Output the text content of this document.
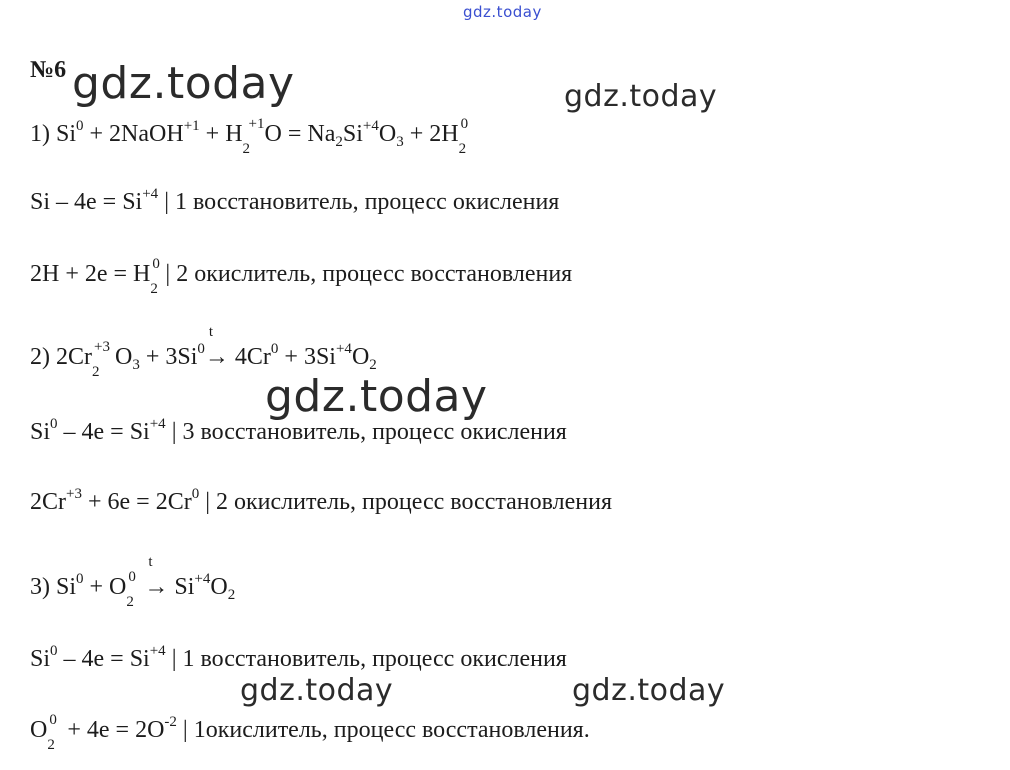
gdz.today
gdz.today	gdz.today
gdz.today
gdz.today	gdz.today
№6
1) $Si^0$ + 2NaOH$^{+1}$ + H
2
+1 $O = Na_2Si^{+4}O_3 + 2H$
2
0
$Si - 4e = Si^{+4}$ | 1 восстановитель, процесс окисления
2H + 2e = H
2
0 | 2 окислитель, процесс восстановления
2) 2Cr
2
+3 $O_3 + 3Si^0$
t
→ $4Cr^0 + 3Si^{+4}O_2$
$Si^0 - 4e = Si^{+4}$ | 3 восстановитель, процесс окисления
$2Cr^{+3} + 6e = 2Cr^0$ | 2 окислитель, процесс восстановления
3) $Si^0 + O$
2
0
t
→ $Si^{+4}O_2$
$Si^0 - 4e = Si^{+4}$ | 1 восстановитель, процесс окисления
O
2
$0 + 4e = 2O^{-2}$ | 1окислитель, процесс восстановления.
